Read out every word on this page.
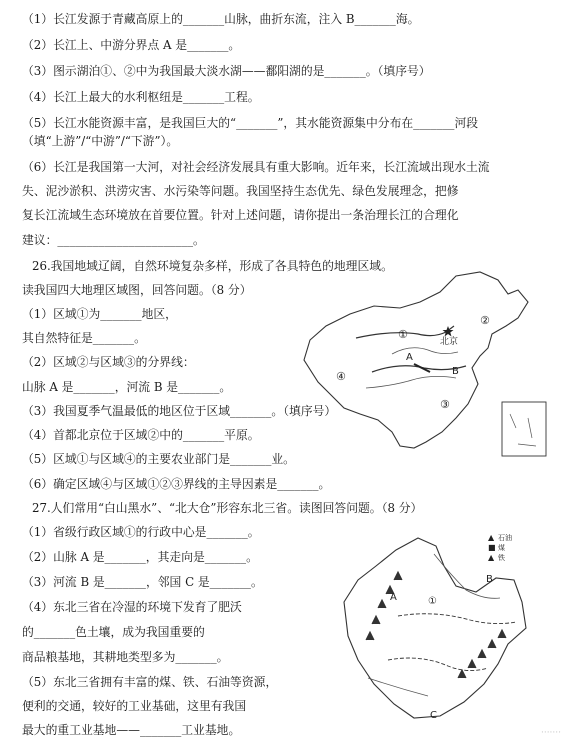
（1）长江发源于青藏高原上的_______山脉，曲折东流，注入 B_______海。
（2）长江上、中游分界点 A 是_______。
（3）图示湖泊①、②中为我国最大淡水湖——鄱阳湖的是_______。（填序号）
（4）长江上最大的水利枢纽是_______工程。
（5）长江水能资源丰富，是我国巨大的“_______”，其水能资源集中分布在_______河段
（填“上游”/“中游”/“下游”）。
（6）长江是我国第一大河，对社会经济发展具有重大影响。近年来，长江流域出现水土流
失、泥沙淤积、洪涝灾害、水污染等问题。我国坚持生态优先、绿色发展理念，把修
复长江流域生态环境放在首要位置。针对上述问题，请你提出一条治理长江的合理化
建议：_______________________。
26.我国地域辽阔，自然环境复杂多样，形成了各具特色的地理区域。
读我国四大地理区域图，回答问题。（8 分）
（1）区域①为_______地区，
其自然特征是_______。
（2）区域②与区域③的分界线：
山脉 A 是_______，河流 B 是_______。
（3）我国夏季气温最低的地区位于区域_______。（填序号）
（4）首都北京位于区域②中的_______平原。
（5）区域①与区域④的主要农业部门是_______业。
（6）确定区域④与区域①②③界线的主导因素是_______。
27.人们常用“白山黑水”、“北大仓”形容东北三省。读图回答问题。（8 分）
（1）省级行政区域①的行政中心是_______。
（2）山脉 A 是_______，其走向是_______。
（3）河流 B 是_______，邻国 C 是_______。
（4）东北三省在冷湿的环境下发育了肥沃
的_______色土壤，成为我国重要的
商品粮基地，其耕地类型多为_______。
（5）东北三省拥有丰富的煤、铁、石油等资源，
便利的交通，较好的工业基础，这里有我国
最大的重工业基地——_______工业基地。
①
②
③
④
A
B
北京
▲ 石油
■ 煤
▲ 铁
A
B
C
①
·······
